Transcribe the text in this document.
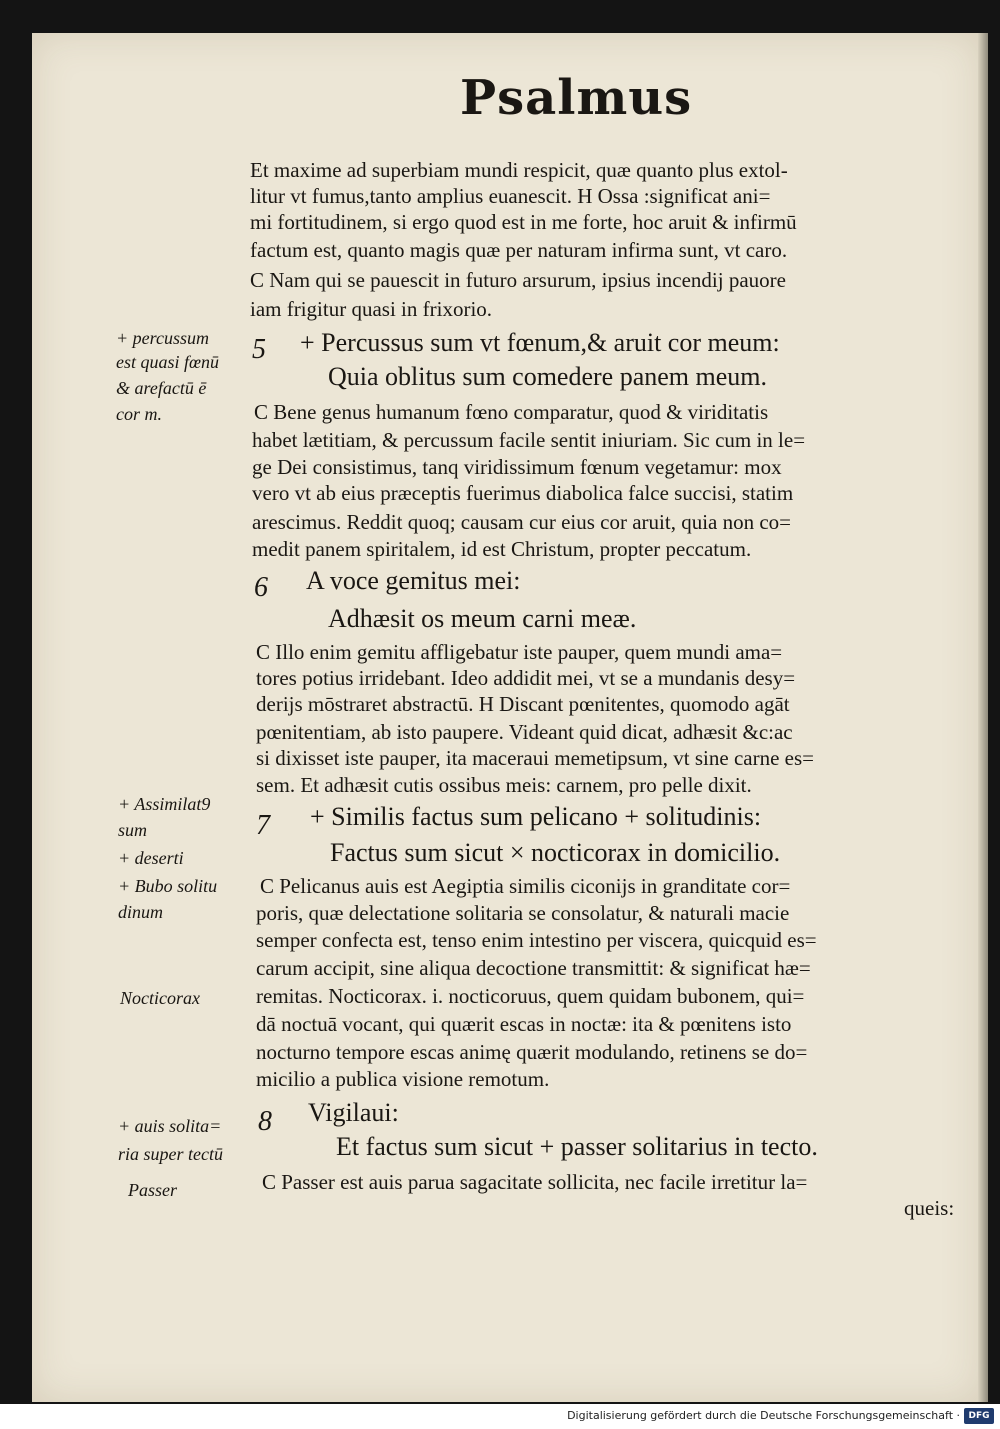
Psalmus
Et maxime ad superbiam mundi respicit, quæ quanto plus extol-
litur vt fumus,tanto amplius euanescit. H Ossa :significat ani=
mi fortitudinem, si ergo quod est in me forte, hoc aruit & infirmū
factum est, quanto magis quæ per naturam infirma sunt, vt caro.
C Nam qui se pauescit in futuro arsurum, ipsius incendij pauore
iam frigitur quasi in frixorio.
5 + Percussus sum vt fœnum,& aruit cor meum:
Quia oblitus sum comedere panem meum.
C Bene genus humanum fœno comparatur, quod & viriditatis
habet lætitiam, & percussum facile sentit iniuriam. Sic cum in le=
ge Dei consistimus, tanq viridissimum fœnum vegetamur: mox
vero vt ab eius præceptis fuerimus diabolica falce succisi, statim
arescimus. Reddit quoq; causam cur eius cor aruit, quia non co=
medit panem spiritalem, id est Christum, propter peccatum.
6 A voce gemitus mei:
Adhæsit os meum carni meæ.
C Illo enim gemitu affligebatur iste pauper, quem mundi ama=
tores potius irridebant. Ideo addidit mei, vt se a mundanis desy=
derijs mōstraret abstractū. H Discant pœnitentes, quomodo agāt
pœnitentiam, ab isto paupere. Videant quid dicat, adhæsit &c:ac
si dixisset iste pauper, ita maceraui memetipsum, vt sine carne es=
sem. Et adhæsit cutis ossibus meis: carnem, pro pelle dixit.
7 + Similis factus sum pelicano + solitudinis:
Factus sum sicut × nocticorax in domicilio.
C Pelicanus auis est Aegiptia similis ciconijs in granditate cor=
poris, quæ delectatione solitaria se consolatur, & naturali macie
semper confecta est, tenso enim intestino per viscera, quicquid es=
carum accipit, sine aliqua decoctione transmittit: & significat hæ=
remitas. Nocticorax. i. nocticoruus, quem quidam bubonem, qui=
dā noctuā vocant, qui quærit escas in noctæ: ita & pœnitens isto
nocturno tempore escas animę quærit modulando, retinens se do=
micilio a publica visione remotum.
8 Vigilaui:
Et factus sum sicut + passer solitarius in tecto.
C Passer est auis parua sagacitate sollicita, nec facile irretitur la=
queis:
+ percussum
est quasi fœnū
& arefactū ē
cor m.
+ Assimilat9
sum
+ deserti
+ Bubo solitu
dinum
Nocticorax
+ auis solita=
ria super tectū
Passer
Digitalisierung gefördert durch die Deutsche Forschungsgemeinschaft · DFG
